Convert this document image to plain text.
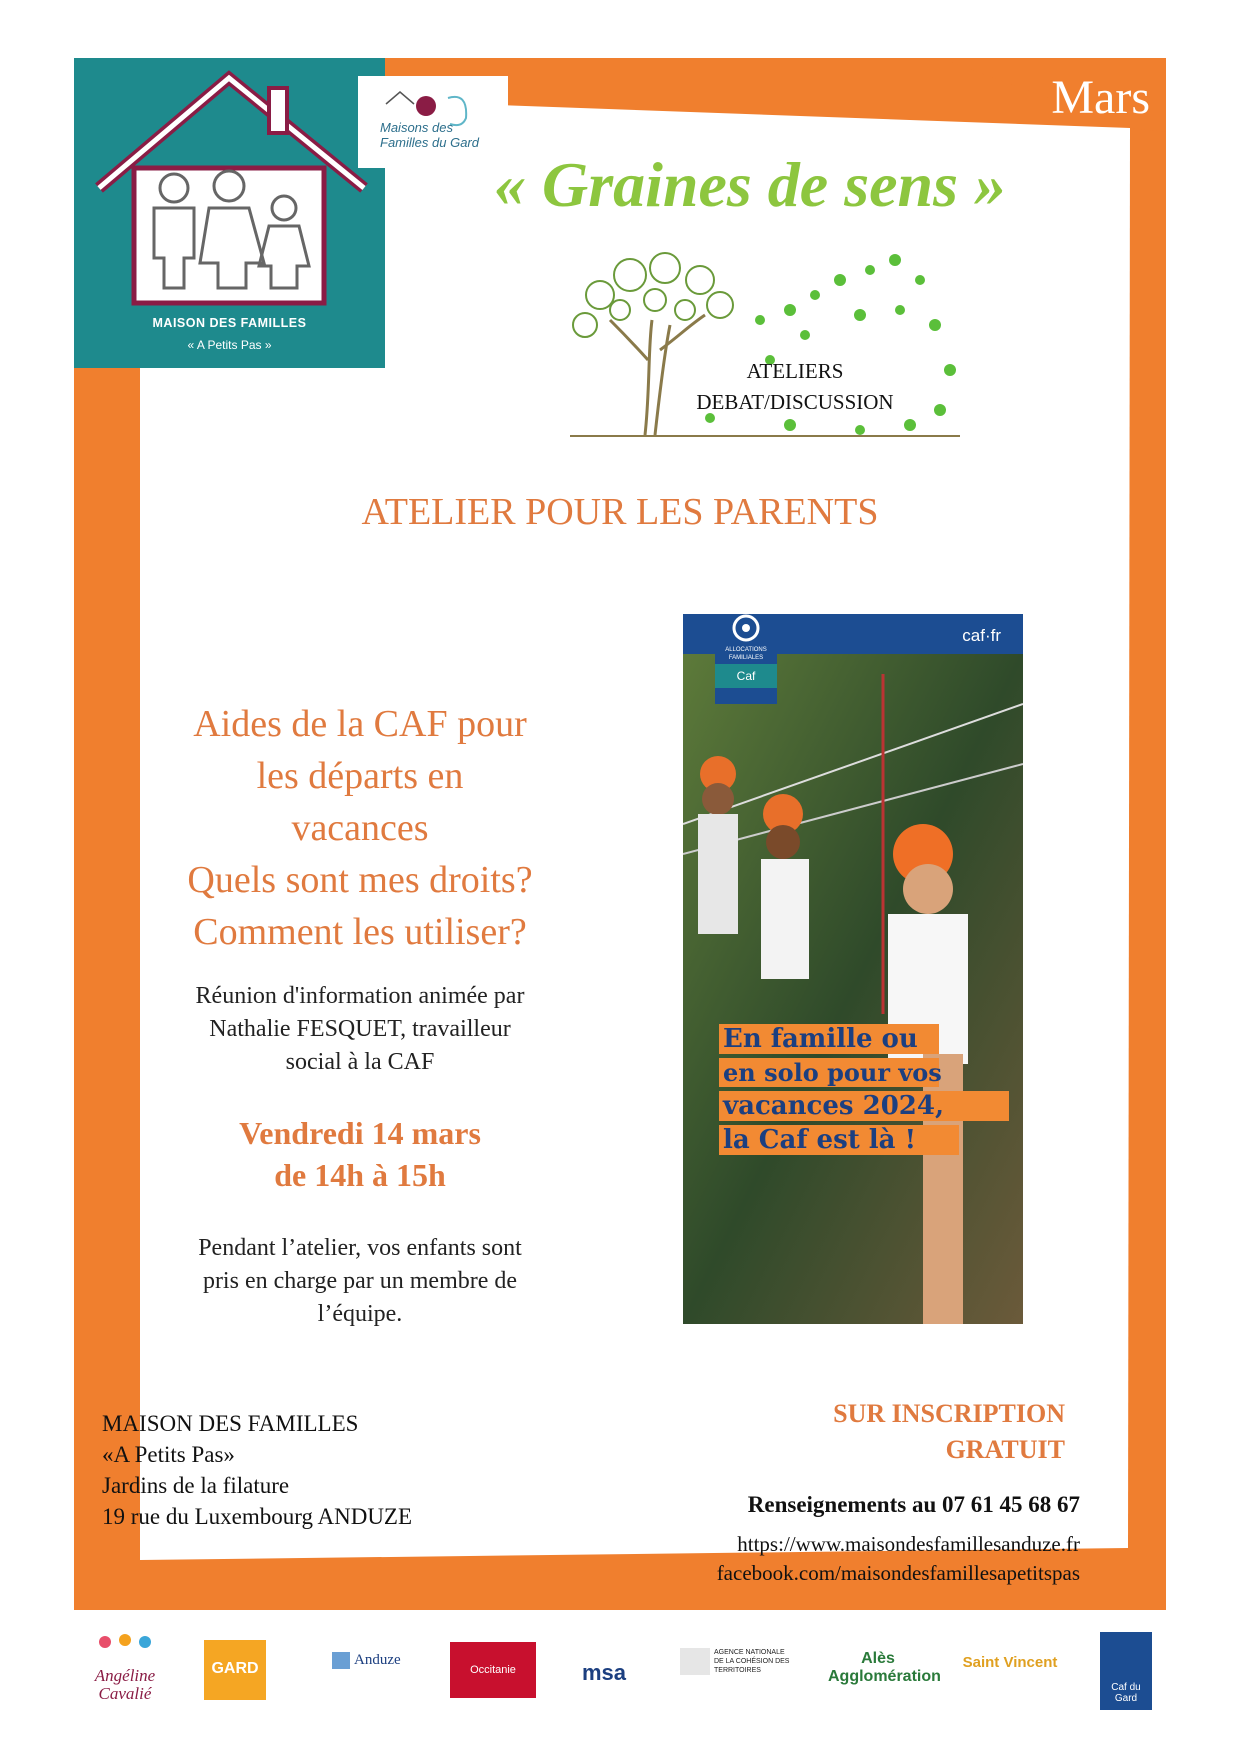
MAISON DES FAMILLES
« A Petits Pas »
Maisons des
Familles du Gard
Mars
« Graines de sens »
ATELIERS
DEBAT/DISCUSSION
ATELIER POUR LES PARENTS
Aides de la CAF pour
les départs en
vacances
Quels sont mes droits?
Comment les utiliser?
Réunion d'information animée par
Nathalie FESQUET, travailleur
social à la CAF
Vendredi 14 mars
de 14h à 15h
Pendant l’atelier, vos enfants sont
pris en charge par un membre de
l’équipe.
ALLOCATIONS FAMILIALES
Caf
caf·fr
En famille ou
en solo pour vos
vacances 2024,
la Caf est là !
MAISON DES FAMILLES
«A Petits Pas»
Jardins de la filature
19 rue du Luxembourg ANDUZE
SUR INSCRIPTION
GRATUIT
Renseignements au 07 61 45 68 67
https://www.maisondesfamillesanduze.fr
facebook.com/maisondesfamillesapetitspas
Angéline Cavalié
GARD	Anduze
Occitanie	msa
AGENCE NATIONALE DE LA COHÉSION DES TERRITOIRES
Alès Agglomération
Saint Vincent
Caf du Gard
